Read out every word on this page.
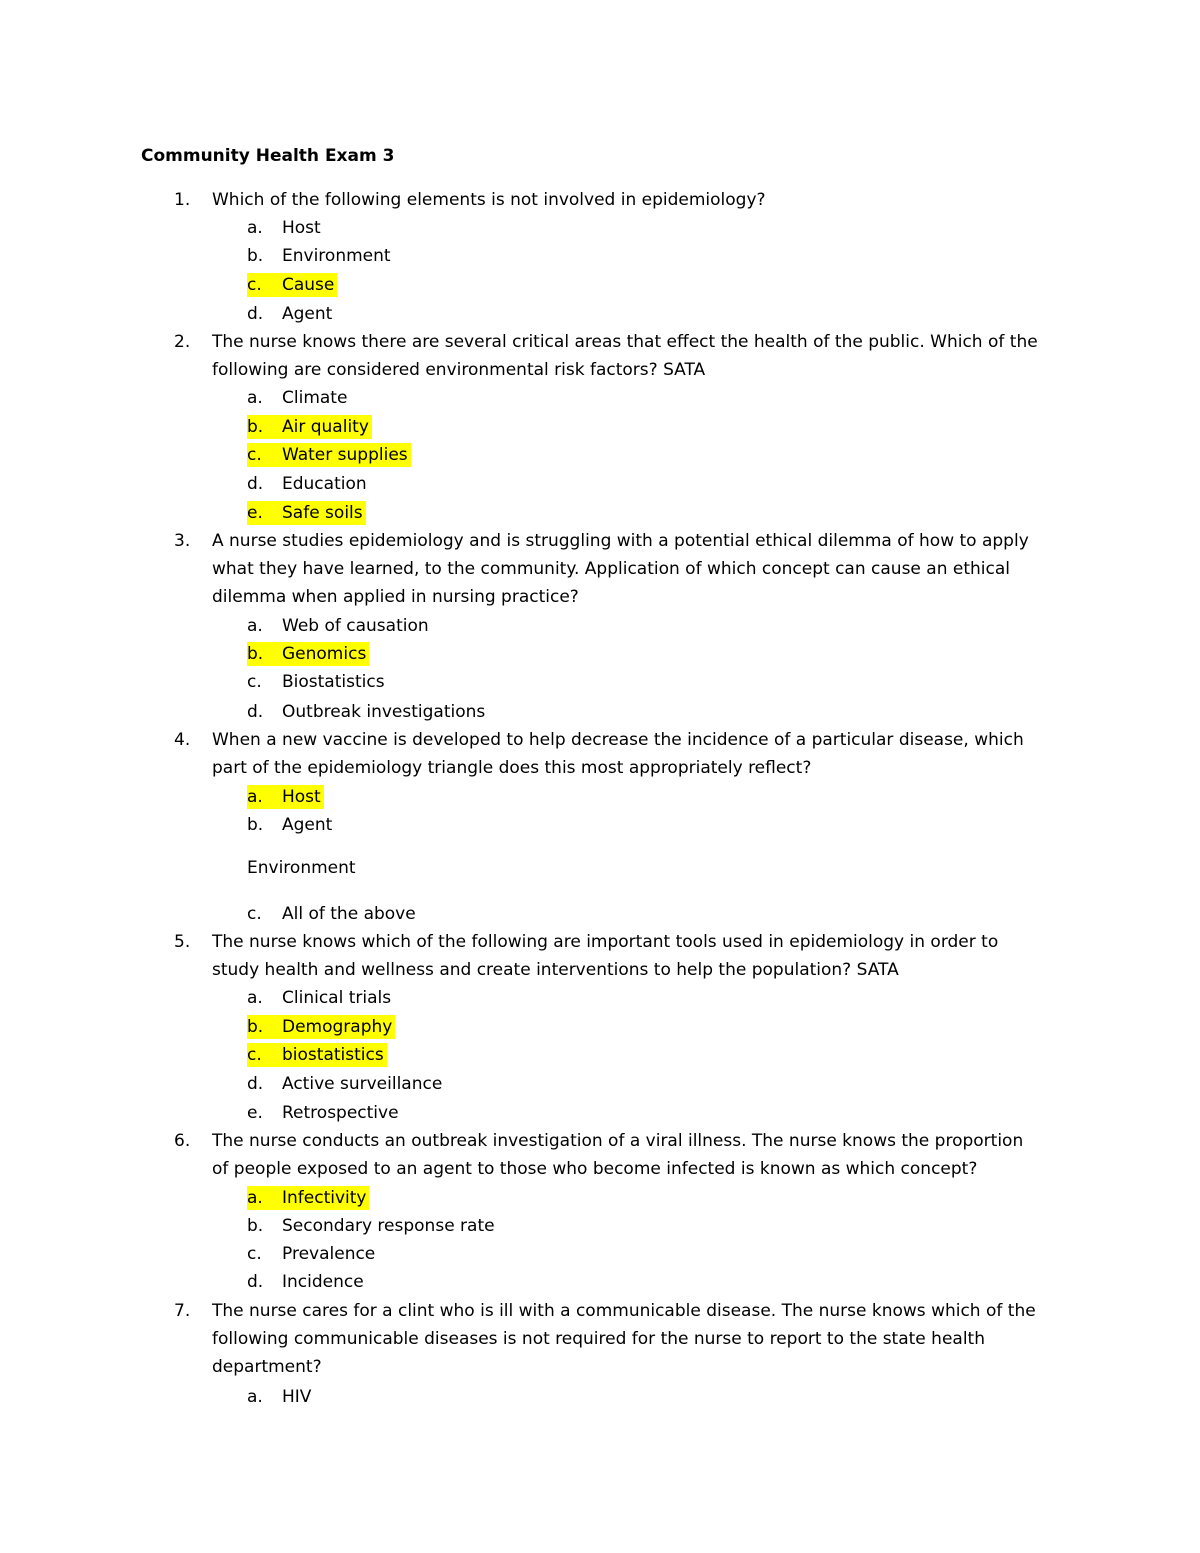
Community Health Exam 3
1. Which of the following elements is not involved in epidemiology?
a. Host
b. Environment
c. Cause
d. Agent
2. The nurse knows there are several critical areas that effect the health of the public. Which of the
following are considered environmental risk factors? SATA
a. Climate
b. Air quality
c. Water supplies
d. Education
e. Safe soils
3. A nurse studies epidemiology and is struggling with a potential ethical dilemma of how to apply
what they have learned, to the community. Application of which concept can cause an ethical
dilemma when applied in nursing practice?
a. Web of causation
b. Genomics
c. Biostatistics
d. Outbreak investigations
4. When a new vaccine is developed to help decrease the incidence of a particular disease, which
part of the epidemiology triangle does this most appropriately reflect?
a. Host
b. Agent
Environment
c. All of the above
5. The nurse knows which of the following are important tools used in epidemiology in order to
study health and wellness and create interventions to help the population? SATA
a. Clinical trials
b. Demography
c. biostatistics
d. Active surveillance
e. Retrospective
6. The nurse conducts an outbreak investigation of a viral illness. The nurse knows the proportion
of people exposed to an agent to those who become infected is known as which concept?
a. Infectivity
b. Secondary response rate
c. Prevalence
d. Incidence
7. The nurse cares for a clint who is ill with a communicable disease. The nurse knows which of the
following communicable diseases is not required for the nurse to report to the state health
department?
a. HIV
